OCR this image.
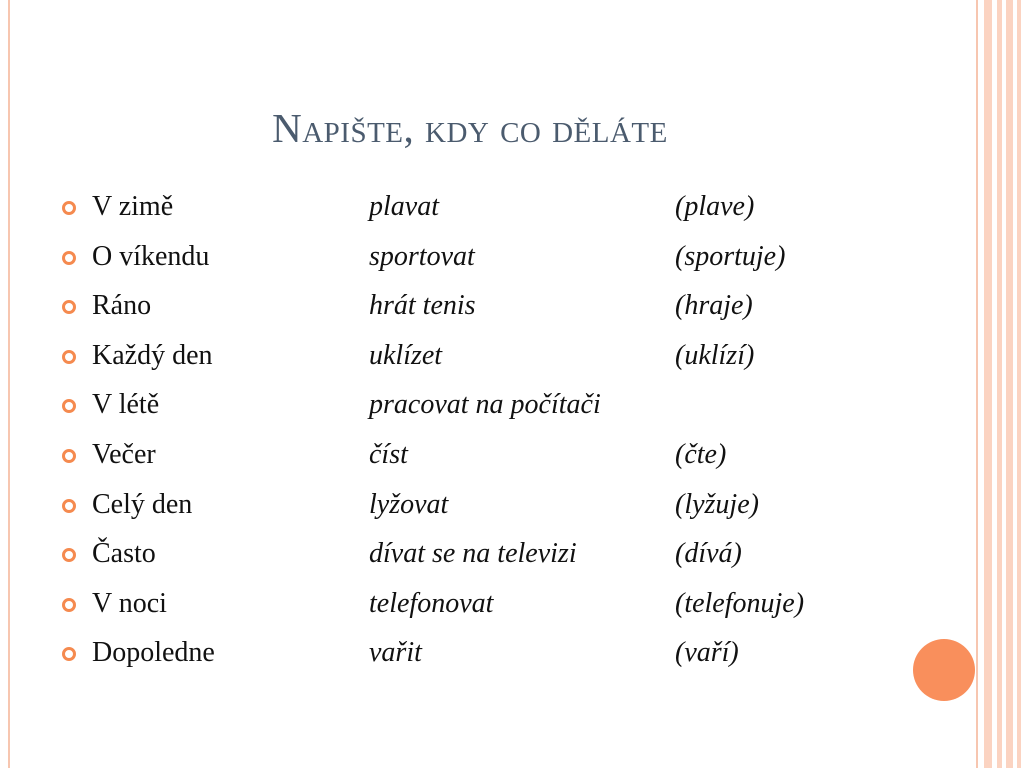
Napište, kdy co děláte
V zimě	plavat	(plave)
O víkendu	sportovat	(sportuje)
Ráno	hrát tenis	(hraje)
Každý den	uklízet	(uklízí)
V létě	pracovat na počítači
Večer	číst	(čte)
Celý den	lyžovat	(lyžuje)
Často	dívat se na televizi	(dívá)
V noci	telefonovat	(telefonuje)
Dopoledne	vařit	(vaří)
